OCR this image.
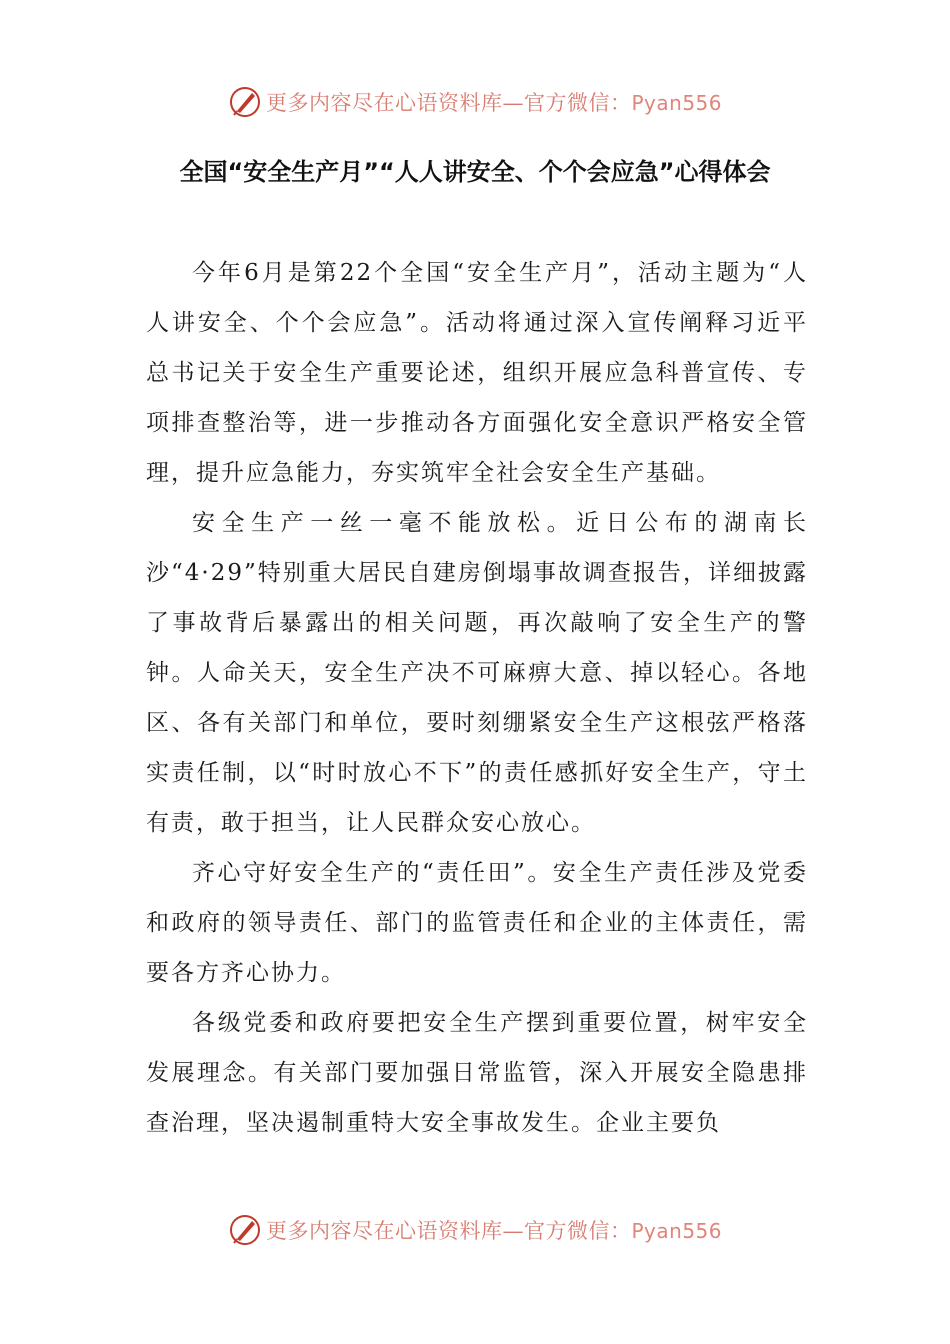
更多内容尽在心语资料库—官方微信：Pyan556
全国“安全生产月”“人人讲安全、个个会应急”心得体会

今年6月是第22个全国“安全生产月”，活动主题为“人人讲安全、个个会应急”。活动将通过深入宣传阐释习近平总书记关于安全生产重要论述，组织开展应急科普宣传、专项排查整治等，进一步推动各方面强化安全意识严格安全管理，提升应急能力，夯实筑牢全社会安全生产基础。

安全生产一丝一毫不能放松。近日公布的湖南长沙“4·29”特别重大居民自建房倒塌事故调查报告，详细披露了事故背后暴露出的相关问题，再次敲响了安全生产的警钟。人命关天，安全生产决不可麻痹大意、掉以轻心。各地区、各有关部门和单位，要时刻绷紧安全生产这根弦严格落实责任制，以“时时放心不下”的责任感抓好安全生产，守土有责，敢于担当，让人民群众安心放心。

齐心守好安全生产的“责任田”。安全生产责任涉及党委和政府的领导责任、部门的监管责任和企业的主体责任，需要各方齐心协力。

各级党委和政府要把安全生产摆到重要位置，树牢安全发展理念。有关部门要加强日常监管，深入开展安全隐患排查治理，坚决遏制重特大安全事故发生。企业主要负

更多内容尽在心语资料库—官方微信：Pyan556
